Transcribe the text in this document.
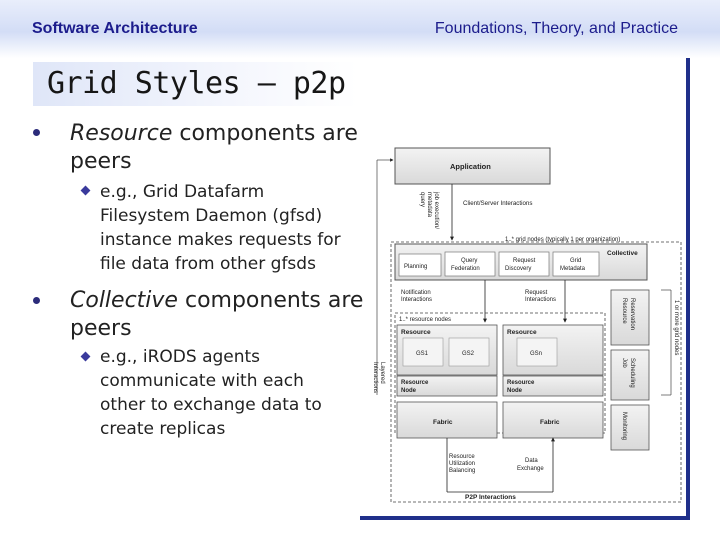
Software Architecture	Foundations, Theory, and Practice
Grid Styles – p2p
Resource components are
peers
e.g., Grid Datafarm
Filesystem Daemon (gfsd)
instance makes requests for
file data from other gfsds
Collective components are
peers
e.g., iRODS agents
communicate with each
other to exchange data to
create replicas
Application
job execution/
metadata
query	Client/Server Interactions
1..* grid nodes (typically 1 per organization)
Collective
Planning
Query
Federation
Request
Discovery
Grid
Metadata
Notification
Interactions
Request
Interactions
1..* resource nodes
Resource
GS1	GS2
Resource
Node
Fabric
Resource
GSn
Resource
Node
Fabric
Resource Reservation
Job Scheduling
Monitoring
1 or more grid nodes
Layered
Interactions
Resource
Utilization
Balancing
Data
Exchange
P2P Interactions
